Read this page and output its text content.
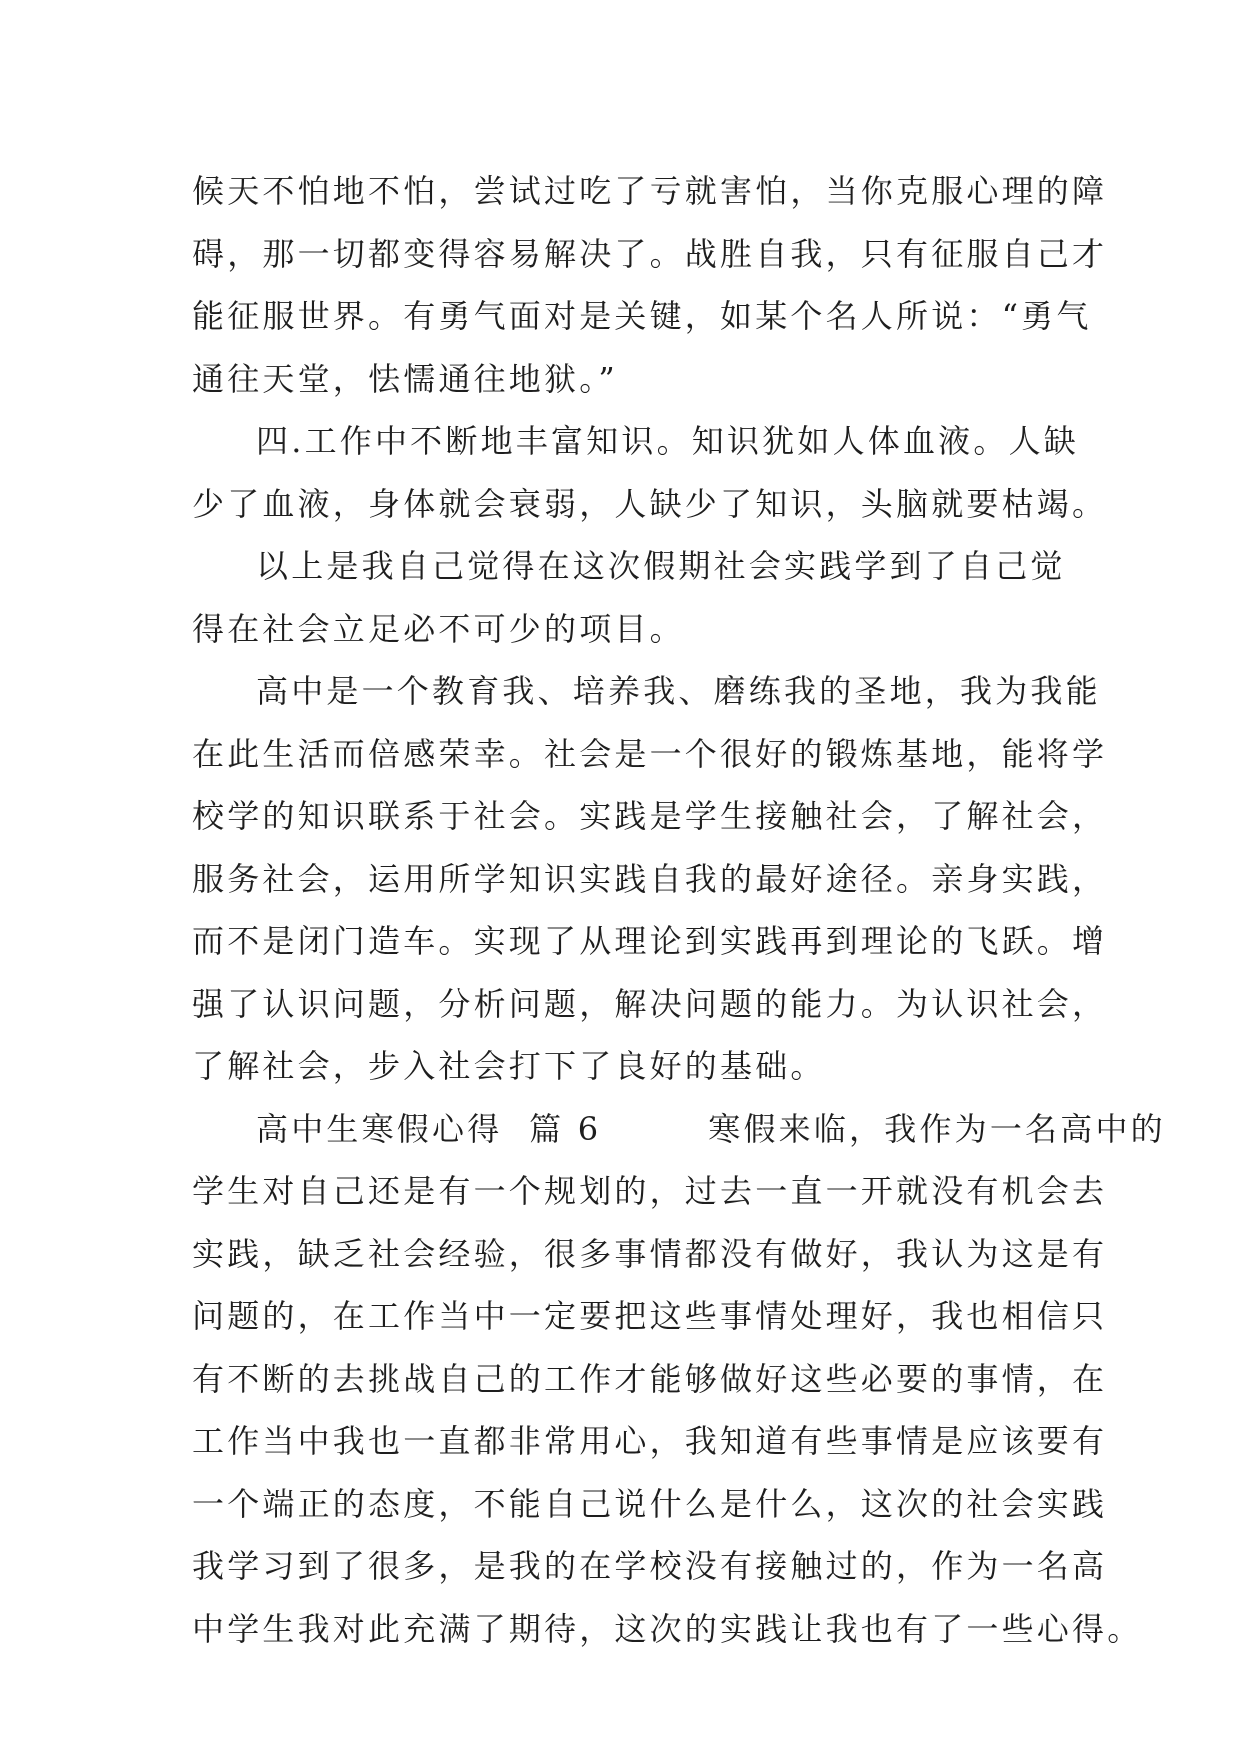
候天不怕地不怕，尝试过吃了亏就害怕，当你克服心理的障
碍，那一切都变得容易解决了。战胜自我，只有征服自己才
能征服世界。有勇气面对是关键，如某个名人所说：“勇气
通往天堂，怯懦通往地狱。”
四.工作中不断地丰富知识。知识犹如人体血液。人缺
少了血液，身体就会衰弱，人缺少了知识，头脑就要枯竭。
以上是我自己觉得在这次假期社会实践学到了自己觉
得在社会立足必不可少的项目。
高中是一个教育我、培养我、磨练我的圣地，我为我能
在此生活而倍感荣幸。社会是一个很好的锻炼基地，能将学
校学的知识联系于社会。实践是学生接触社会，了解社会，
服务社会，运用所学知识实践自我的最好途径。亲身实践，
而不是闭门造车。实现了从理论到实践再到理论的飞跃。增
强了认识问题，分析问题，解决问题的能力。为认识社会，
了解社会，步入社会打下了良好的基础。
高中生寒假心得  篇 6        寒假来临，我作为一名高中的
学生对自己还是有一个规划的，过去一直一开就没有机会去
实践，缺乏社会经验，很多事情都没有做好，我认为这是有
问题的，在工作当中一定要把这些事情处理好，我也相信只
有不断的去挑战自己的工作才能够做好这些必要的事情，在
工作当中我也一直都非常用心，我知道有些事情是应该要有
一个端正的态度，不能自己说什么是什么，这次的社会实践
我学习到了很多，是我的在学校没有接触过的，作为一名高
中学生我对此充满了期待，这次的实践让我也有了一些心得。
